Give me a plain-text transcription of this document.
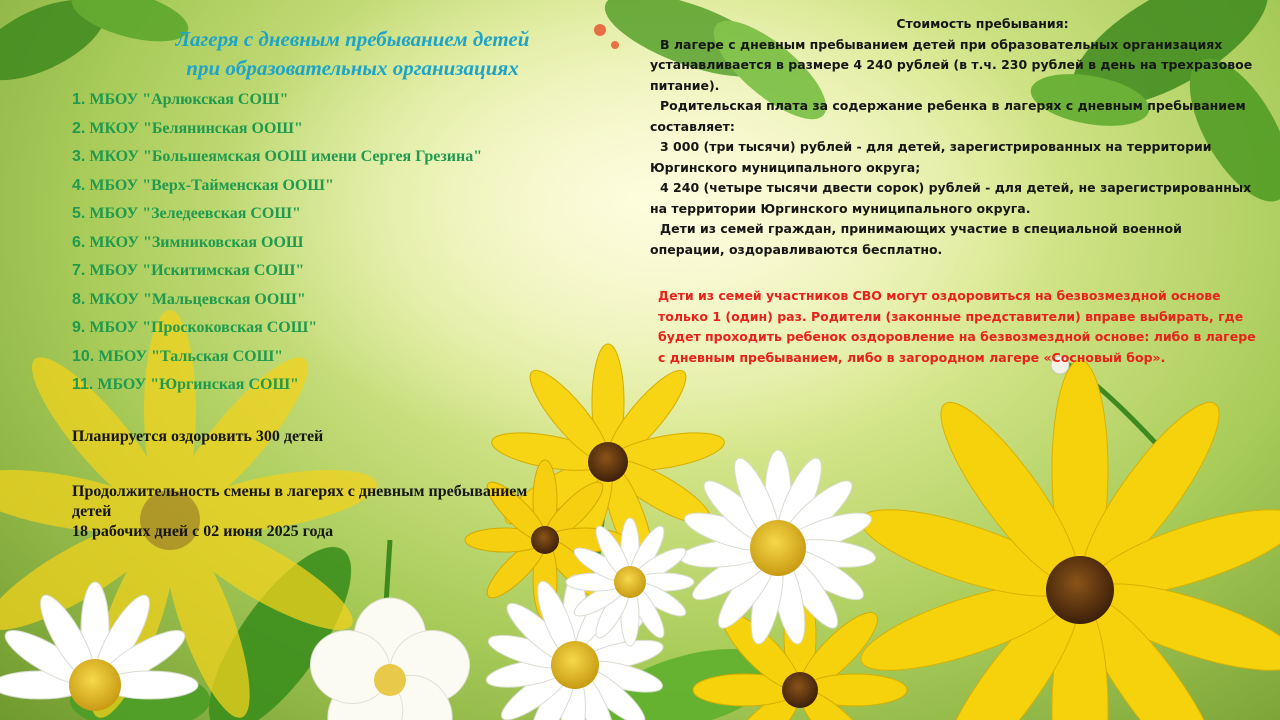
Лагеря с дневным пребыванием детей
при образовательных организациях
1. МБОУ "Арлюкская СОШ"
2. МКОУ "Белянинская ООШ"
3. МКОУ "Большеямская ООШ имени Сергея Грезина"
4. МБОУ "Верх-Тайменская ООШ"
5. МБОУ "Зеледеевская СОШ"
6. МКОУ "Зимниковская ООШ
7. МБОУ "Искитимская СОШ"
8. МКОУ "Мальцевская ООШ"
9. МБОУ "Проскоковская СОШ"
10. МБОУ "Тальская СОШ"
11. МБОУ "Юргинская СОШ"

Планируется оздоровить 300 детей

Продолжительность смены в лагерях с дневным пребыванием
детей
18 рабочих дней с 02 июня 2025 года

Стоимость пребывания:

В лагере с дневным пребыванием детей при образовательных организациях устанавливается в размере 4 240 рублей (в т.ч. 230 рублей в день на трехразовое питание).

Родительская плата за содержание ребенка в лагерях с дневным пребыванием составляет:

3 000 (три тысячи) рублей - для детей, зарегистрированных на территории Юргинского муниципального округа;

4 240 (четыре тысячи двести сорок) рублей - для детей, не зарегистрированных на территории Юргинского муниципального округа.

Дети из семей граждан, принимающих участие в специальной военной операции, оздоравливаются бесплатно.

Дети из семей участников СВО могут оздоровиться на безвозмездной основе только 1 (один) раз. Родители (законные представители) вправе выбирать, где будет проходить ребенок оздоровление на безвозмездной основе: либо в лагере с дневным пребыванием, либо в загородном лагере «Сосновый бор».
